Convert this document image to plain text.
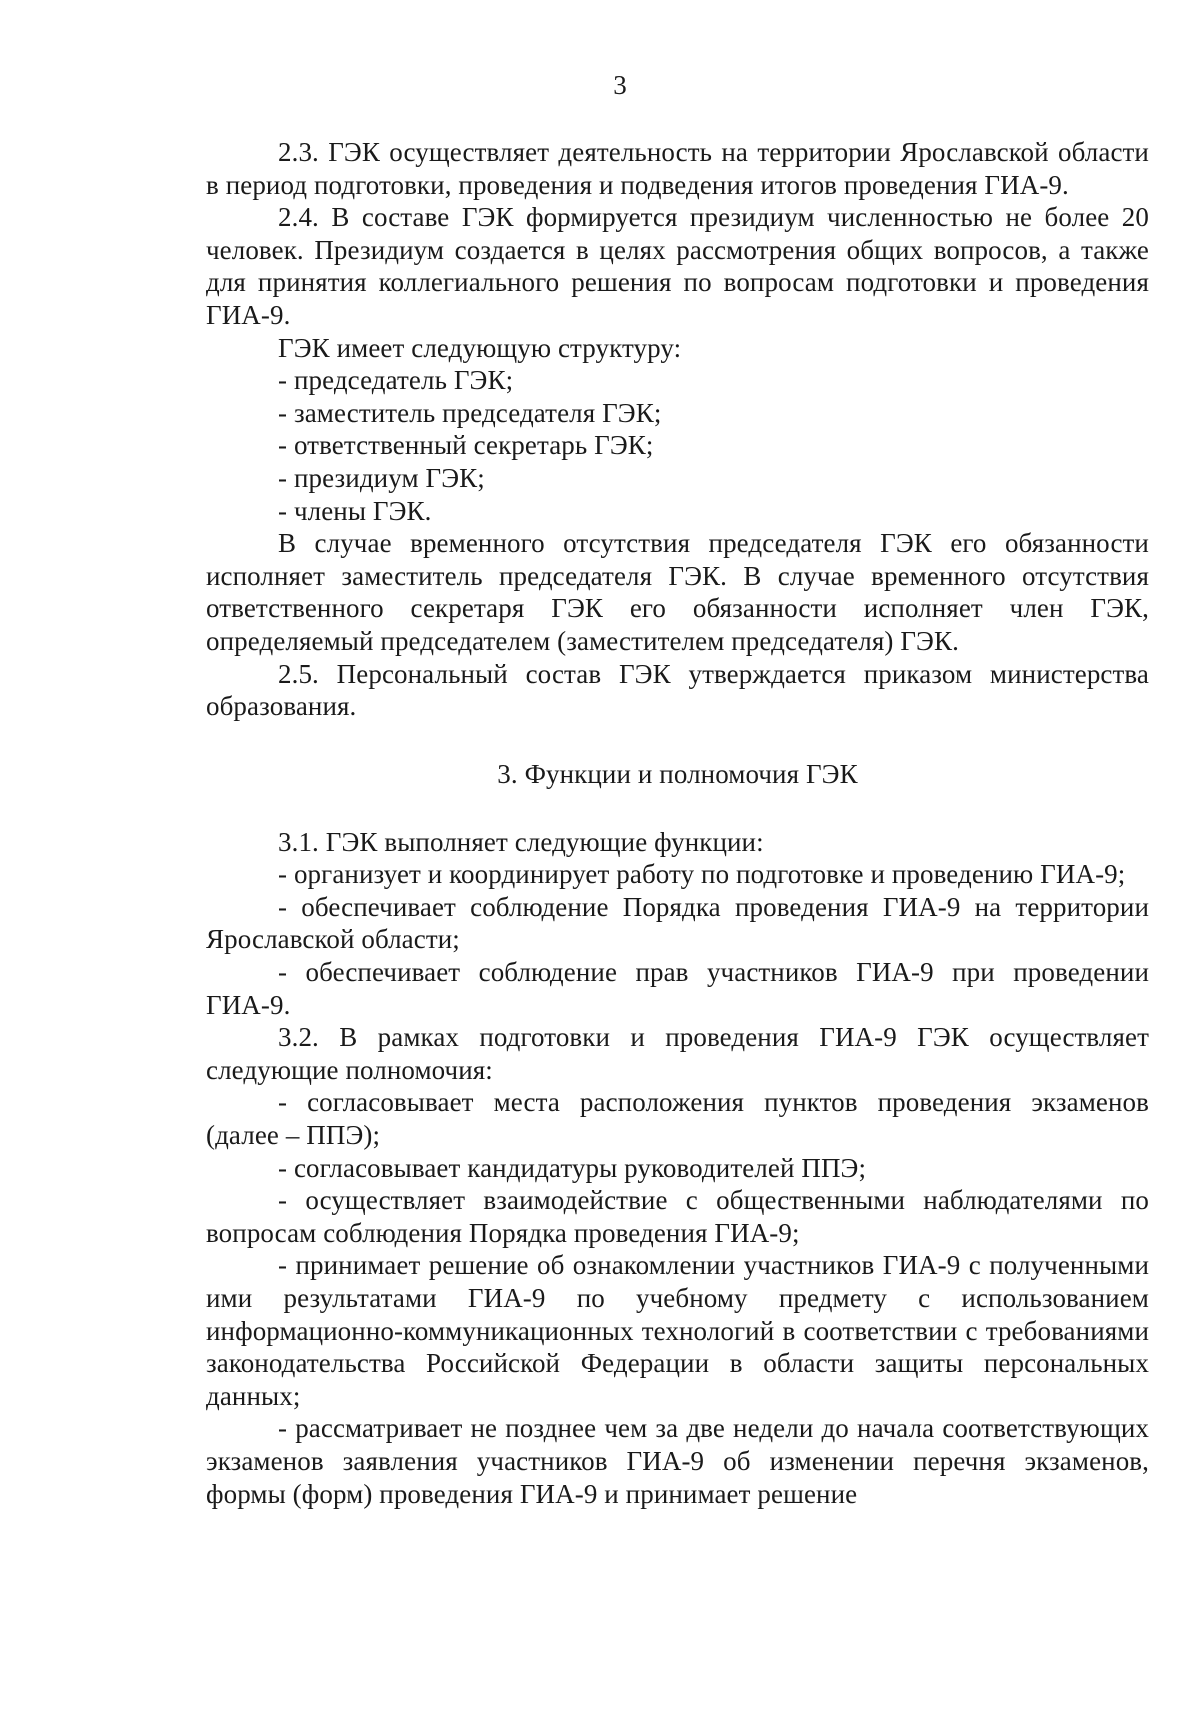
3

2.3. ГЭК осуществляет деятельность на территории Ярославской области в период подготовки, проведения и подведения итогов проведения ГИА-9.

2.4. В составе ГЭК формируется президиум численностью не более 20 человек. Президиум создается в целях рассмотрения общих вопросов, а также для принятия коллегиального решения по вопросам подготовки и проведения ГИА-9.

ГЭК имеет следующую структуру:

- председатель ГЭК;

- заместитель председателя ГЭК;

- ответственный секретарь ГЭК;

- президиум ГЭК;

- члены ГЭК.

В случае временного отсутствия председателя ГЭК его обязанности исполняет заместитель председателя ГЭК. В случае временного отсутствия ответственного секретаря ГЭК его обязанности исполняет член ГЭК, определяемый председателем (заместителем председателя) ГЭК.

2.5. Персональный состав ГЭК утверждается приказом министерства образования.

3. Функции и полномочия ГЭК

3.1. ГЭК выполняет следующие функции:

- организует и координирует работу по подготовке и проведению ГИА-9;

- обеспечивает соблюдение Порядка проведения ГИА-9 на территории Ярославской области;

- обеспечивает соблюдение прав участников ГИА-9 при проведении ГИА-9.

3.2. В рамках подготовки и проведения ГИА-9 ГЭК осуществляет следующие полномочия:

- согласовывает места расположения пунктов проведения экзаменов (далее – ППЭ);

- согласовывает кандидатуры руководителей ППЭ;

- осуществляет взаимодействие с общественными наблюдателями по вопросам соблюдения Порядка проведения ГИА-9;

- принимает решение об ознакомлении участников ГИА-9 с полученными ими результатами ГИА-9 по учебному предмету с использованием информационно-коммуникационных технологий в соответствии с требованиями законодательства Российской Федерации в области защиты персональных данных;

- рассматривает не позднее чем за две недели до начала соответствующих экзаменов заявления участников ГИА-9 об изменении перечня экзаменов, формы (форм) проведения ГИА-9 и принимает решение
